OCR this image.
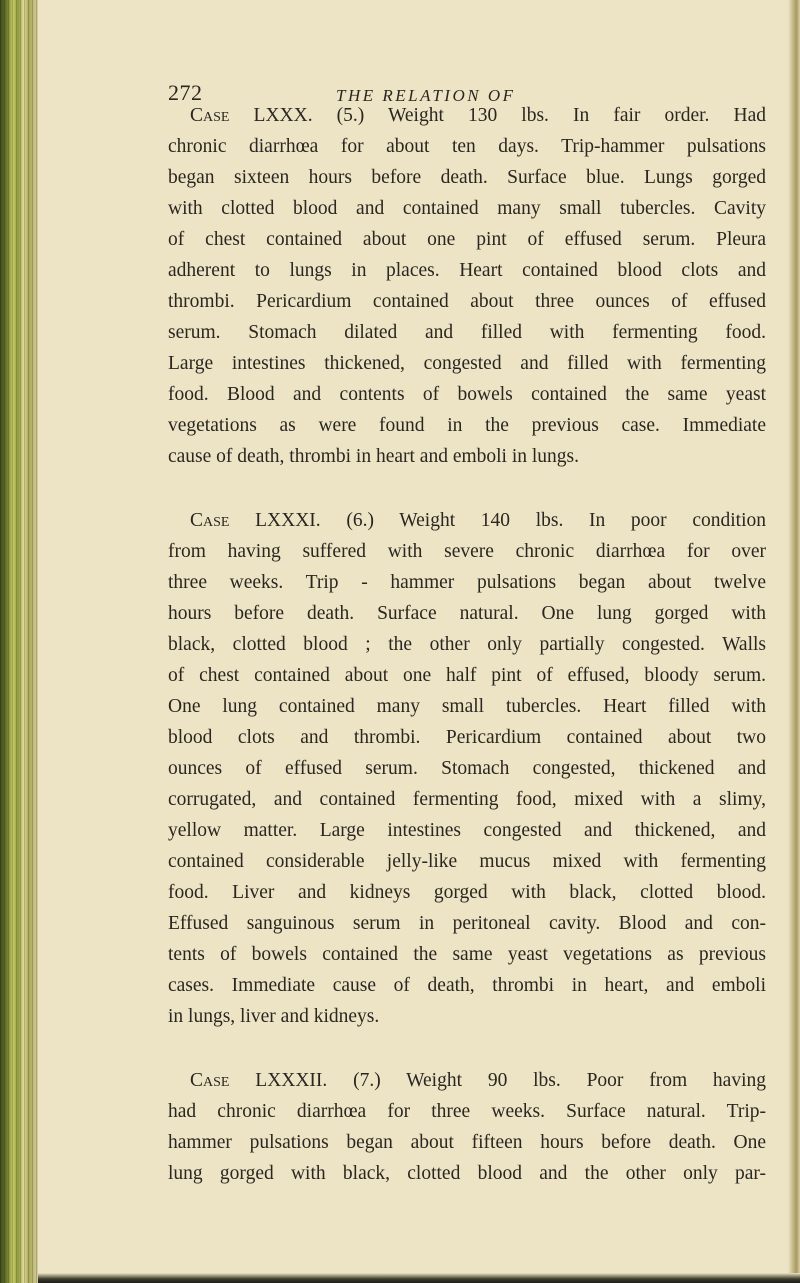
272	THE RELATION OF
Case LXXX. (5.) Weight 130 lbs. In fair order. Had
chronic diarrhœa for about ten days. Trip-hammer pulsations
began sixteen hours before death. Surface blue. Lungs gorged
with clotted blood and contained many small tubercles. Cavity
of chest contained about one pint of effused serum. Pleura
adherent to lungs in places. Heart contained blood clots and
thrombi. Pericardium contained about three ounces of effused
serum. Stomach dilated and filled with fermenting food.
Large intestines thickened, congested and filled with fermenting
food. Blood and contents of bowels contained the same yeast
vegetations as were found in the previous case. Immediate
cause of death, thrombi in heart and emboli in lungs.
Case LXXXI. (6.) Weight 140 lbs. In poor condition
from having suffered with severe chronic diarrhœa for over
three weeks. Trip - hammer pulsations began about twelve
hours before death. Surface natural. One lung gorged with
black, clotted blood ; the other only partially congested. Walls
of chest contained about one half pint of effused, bloody serum.
One lung contained many small tubercles. Heart filled with
blood clots and thrombi. Pericardium contained about two
ounces of effused serum. Stomach congested, thickened and
corrugated, and contained fermenting food, mixed with a slimy,
yellow matter. Large intestines congested and thickened, and
contained considerable jelly-like mucus mixed with fermenting
food. Liver and kidneys gorged with black, clotted blood.
Effused sanguinous serum in peritoneal cavity. Blood and con-
tents of bowels contained the same yeast vegetations as previous
cases. Immediate cause of death, thrombi in heart, and emboli
in lungs, liver and kidneys.
Case LXXXII. (7.) Weight 90 lbs. Poor from having
had chronic diarrhœa for three weeks. Surface natural. Trip-
hammer pulsations began about fifteen hours before death. One
lung gorged with black, clotted blood and the other only par-
